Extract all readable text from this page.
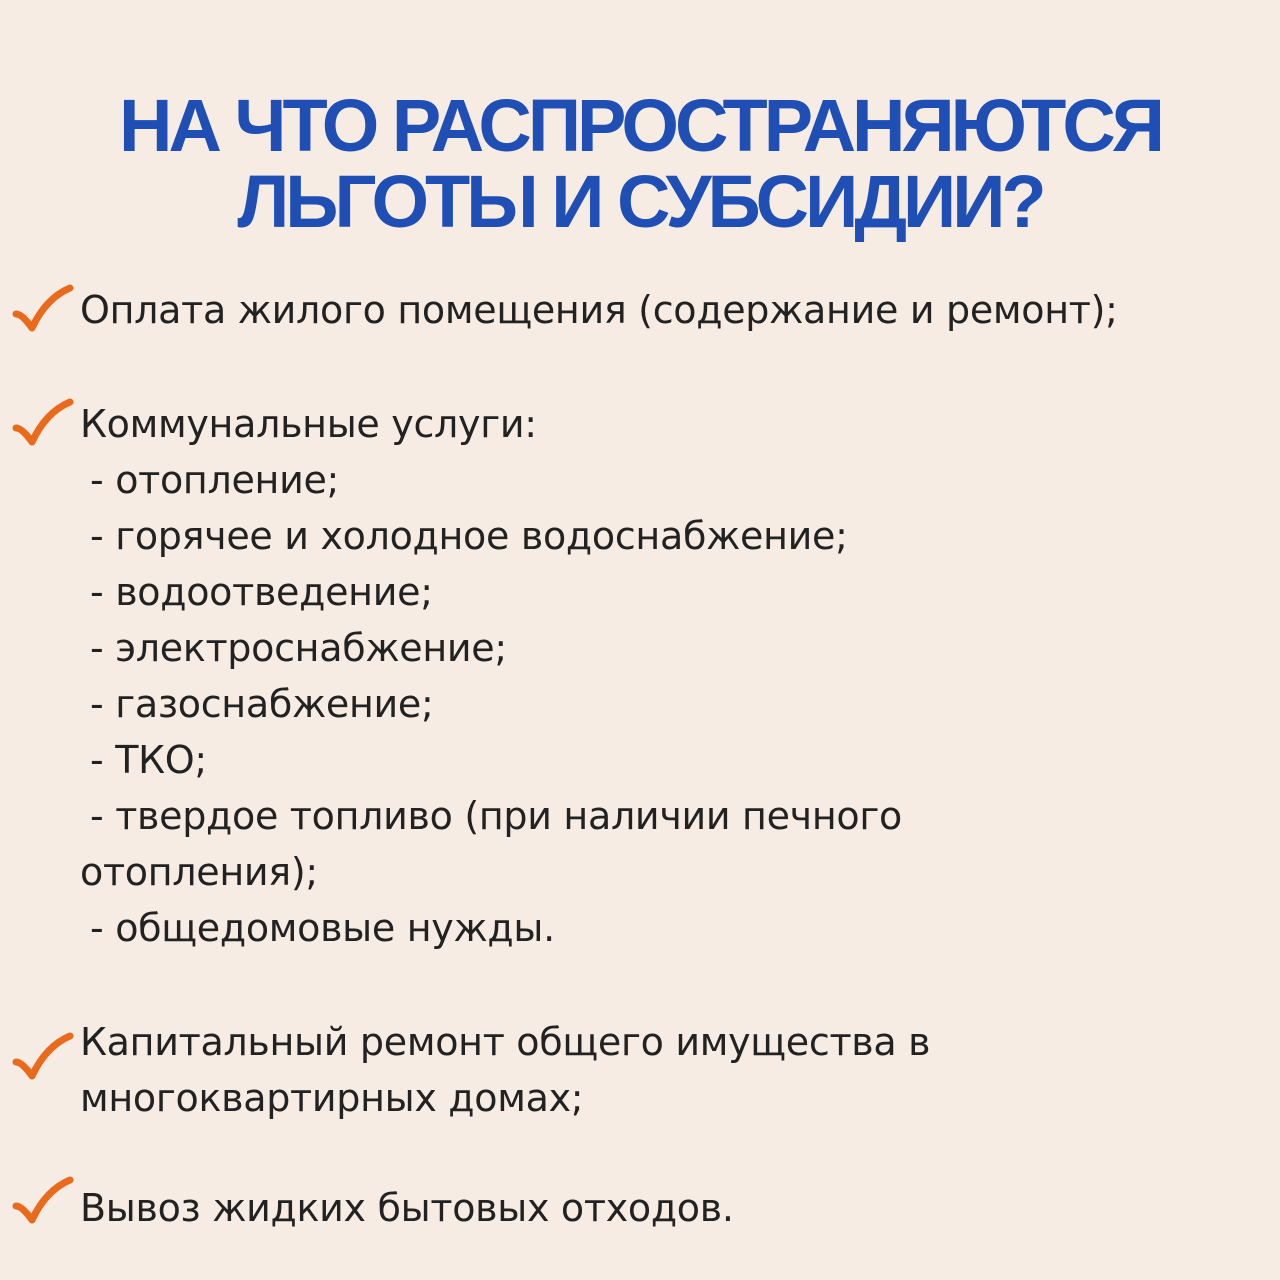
НА ЧТО РАСПРОСТРАНЯЮТСЯ
ЛЬГОТЫ И СУБСИДИИ?

Оплата жилого помещения (содержание и ремонт);

Коммунальные услуги:
- отопление;
- горячее и холодное водоснабжение;
- водоотведение;
- электроснабжение;
- газоснабжение;
- ТКО;
- твердое топливо (при наличии печного
отопления);
- общедомовые нужды.
Капитальный ремонт общего имущества в
многоквартирных домах;

Вывоз жидких бытовых отходов.
